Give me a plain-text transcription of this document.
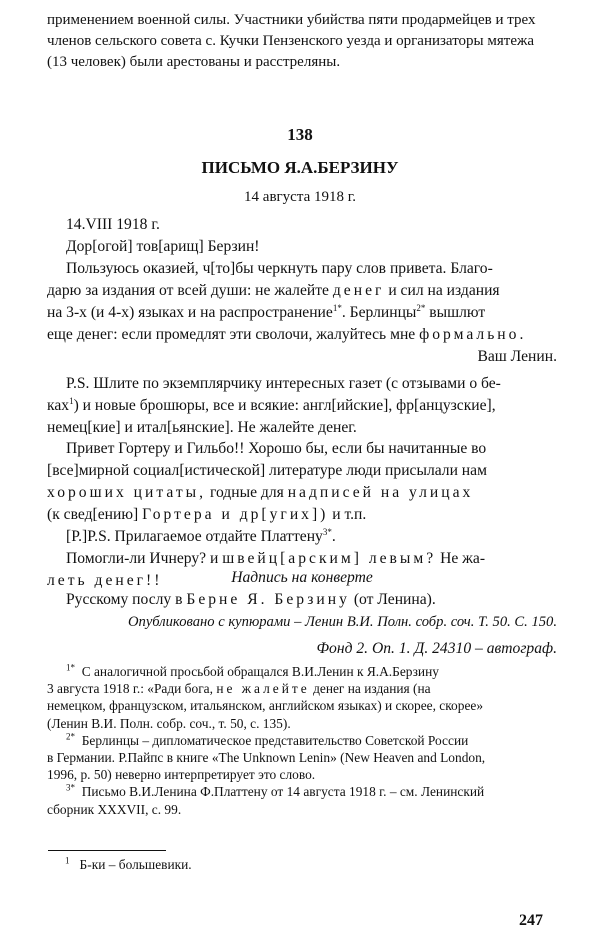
применением военной силы. Участники убийства пяти продармейцев и трех
членов сельского совета с. Кучки Пензенского уезда и организаторы мятежа
(13 человек) были арестованы и расстреляны.
138
ПИСЬМО Я.А.БЕРЗИНУ
14 августа 1918 г.
14.VIII 1918 г.
Дор[огой] тов[арищ] Берзин!
Пользуюсь оказией, ч[то]бы черкнуть пару слов привета. Благо-
дарю за издания от всей души: не жалейте денег и сил на издания
на 3-х (и 4-х) языках и на распространение$^{1*}$. Берлинцы$^{2*}$ вышлют
еще денег: если промедлят эти сволочи, жалуйтесь мне формально.
Ваш Ленин.
P.S. Шлите по экземплярчику интересных газет (с отзывами о бе-
ках$^1$) и новые брошюры, все и всякие: англ[ийские], фр[анцузские],
немец[кие] и итал[ьянские]. Не жалейте денег.
Привет Гортеру и Гильбо!! Хорошо бы, если бы начитанные во
[все]мирной социал[истической] литературе люди присылали нам
хороших цитаты, годные для надписей на улицах
(к свед[ению] Гортера и др[угих]) и т.п.
[P.]P.S. Прилагаемое отдайте Платтену$^{3*}$.
Помогли-ли Ичнеру? и швейц[арским] левым? Не жа-
леть денег!!	Надпись на конверте
Русскому послу в Берне Я. Берзину (от Ленина).
Опубликовано с купюрами – Ленин В.И. Полн. собр. соч. Т. 50. С. 150.
Фонд 2. Оп. 1. Д. 24310 – автограф.
$^{1*}$ С аналогичной просьбой обращался В.И.Ленин к Я.А.Берзину
3 августа 1918 г.: «Ради бога, не жалейте денег на издания (на
немецком, французском, итальянском, английском языках) и скорее, скорее»
(Ленин В.И. Полн. собр. соч., т. 50, с. 135).
$^{2*}$ Берлинцы – дипломатическое представительство Советской России
в Германии. Р.Пайпс в книге «The Unknown Lenin» (New Heaven and London,
1996, p. 50) неверно интерпретирует это слово.
$^{3*}$ Письмо В.И.Ленина Ф.Платтену от 14 августа 1918 г. – см. Ленинский
сборник XXXVII, с. 99.
$^1$ Б-ки – большевики.
247
